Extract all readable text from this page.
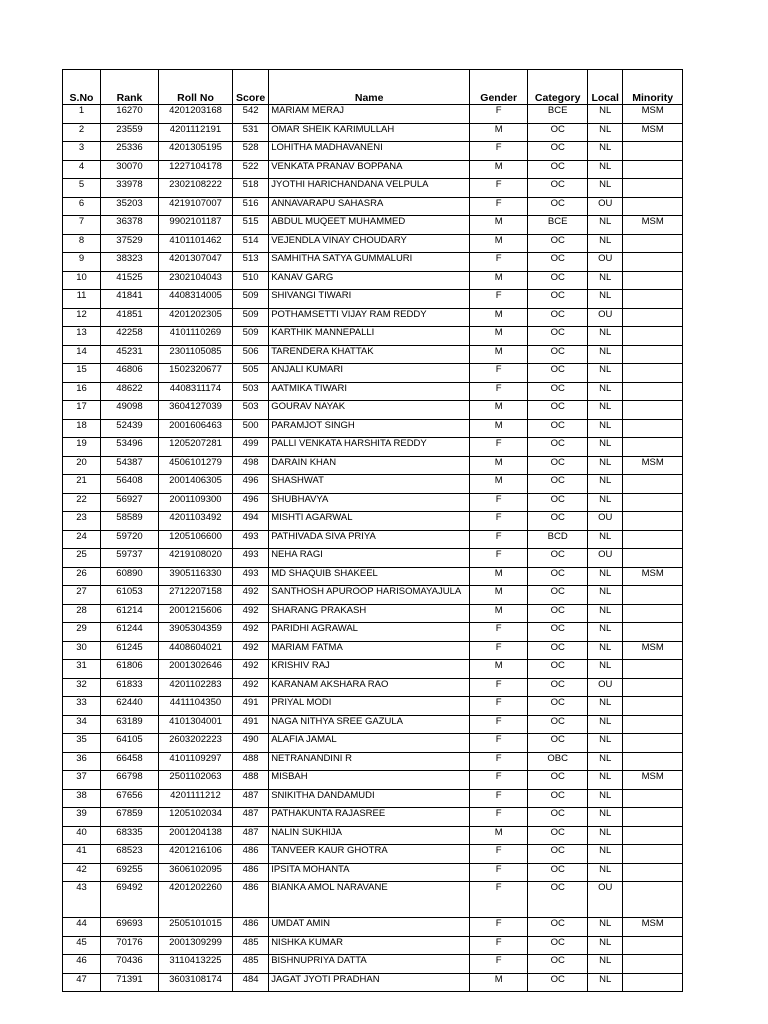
S.No	Rank	Roll No	Score	Name	Gender	Category	Local	Minority
1	16270	4201203168	542	MARIAM MERAJ	F	BCE	NL	MSM
2	23559	4201112191	531	OMAR SHEIK KARIMULLAH	M	OC	NL	MSM
3	25336	4201305195	528	LOHITHA MADHAVANENI	F	OC	NL	
4	30070	1227104178	522	VENKATA PRANAV BOPPANA	M	OC	NL	
5	33978	2302108222	518	JYOTHI HARICHANDANA VELPULA	F	OC	NL	
6	35203	4219107007	516	ANNAVARAPU SAHASRA	F	OC	OU	
7	36378	9902101187	515	ABDUL MUQEET MUHAMMED	M	BCE	NL	MSM
8	37529	4101101462	514	VEJENDLA VINAY CHOUDARY	M	OC	NL	
9	38323	4201307047	513	SAMHITHA SATYA GUMMALURI	F	OC	OU	
10	41525	2302104043	510	KANAV GARG	M	OC	NL	
11	41841	4408314005	509	SHIVANGI TIWARI	F	OC	NL	
12	41851	4201202305	509	POTHAMSETTI VIJAY RAM REDDY	M	OC	OU	
13	42258	4101110269	509	KARTHIK MANNEPALLI	M	OC	NL	
14	45231	2301105085	506	TARENDERA KHATTAK	M	OC	NL	
15	46806	1502320677	505	ANJALI KUMARI	F	OC	NL	
16	48622	4408311174	503	AATMIKA TIWARI	F	OC	NL	
17	49098	3604127039	503	GOURAV NAYAK	M	OC	NL	
18	52439	2001606463	500	PARAMJOT SINGH	M	OC	NL	
19	53496	1205207281	499	PALLI VENKATA HARSHITA REDDY	F	OC	NL	
20	54387	4506101279	498	DARAIN KHAN	M	OC	NL	MSM
21	56408	2001406305	496	SHASHWAT	M	OC	NL	
22	56927	2001109300	496	SHUBHAVYA	F	OC	NL	
23	58589	4201103492	494	MISHTI AGARWAL	F	OC	OU	
24	59720	1205106600	493	PATHIVADA SIVA PRIYA	F	BCD	NL	
25	59737	4219108020	493	NEHA RAGI	F	OC	OU	
26	60890	3905116330	493	MD SHAQUIB SHAKEEL	M	OC	NL	MSM
27	61053	2712207158	492	SANTHOSH APUROOP HARISOMAYAJULA	M	OC	NL	
28	61214	2001215606	492	SHARANG PRAKASH	M	OC	NL	
29	61244	3905304359	492	PARIDHI AGRAWAL	F	OC	NL	
30	61245	4408604021	492	MARIAM FATMA	F	OC	NL	MSM
31	61806	2001302646	492	KRISHIV RAJ	M	OC	NL	
32	61833	4201102283	492	KARANAM AKSHARA RAO	F	OC	OU	
33	62440	4411104350	491	PRIYAL MODI	F	OC	NL	
34	63189	4101304001	491	NAGA NITHYA SREE GAZULA	F	OC	NL	
35	64105	2603202223	490	ALAFIA JAMAL	F	OC	NL	
36	66458	4101109297	488	NETRANANDINI R	F	OBC	NL	
37	66798	2501102063	488	MISBAH	F	OC	NL	MSM
38	67656	4201111212	487	SNIKITHA DANDAMUDI	F	OC	NL	
39	67859	1205102034	487	PATHAKUNTA RAJASREE	F	OC	NL	
40	68335	2001204138	487	NALIN SUKHIJA	M	OC	NL	
41	68523	4201216106	486	TANVEER KAUR GHOTRA	F	OC	NL	
42	69255	3606102095	486	IPSITA MOHANTA	F	OC	NL	
43	69492	4201202260	486	BIANKA AMOL NARAVANE	F	OC	OU	
44	69693	2505101015	486	UMDAT AMIN	F	OC	NL	MSM
45	70176	2001309299	485	NISHKA KUMAR	F	OC	NL	
46	70436	3110413225	485	BISHNUPRIYA DATTA	F	OC	NL	
47	71391	3603108174	484	JAGAT JYOTI PRADHAN	M	OC	NL	
